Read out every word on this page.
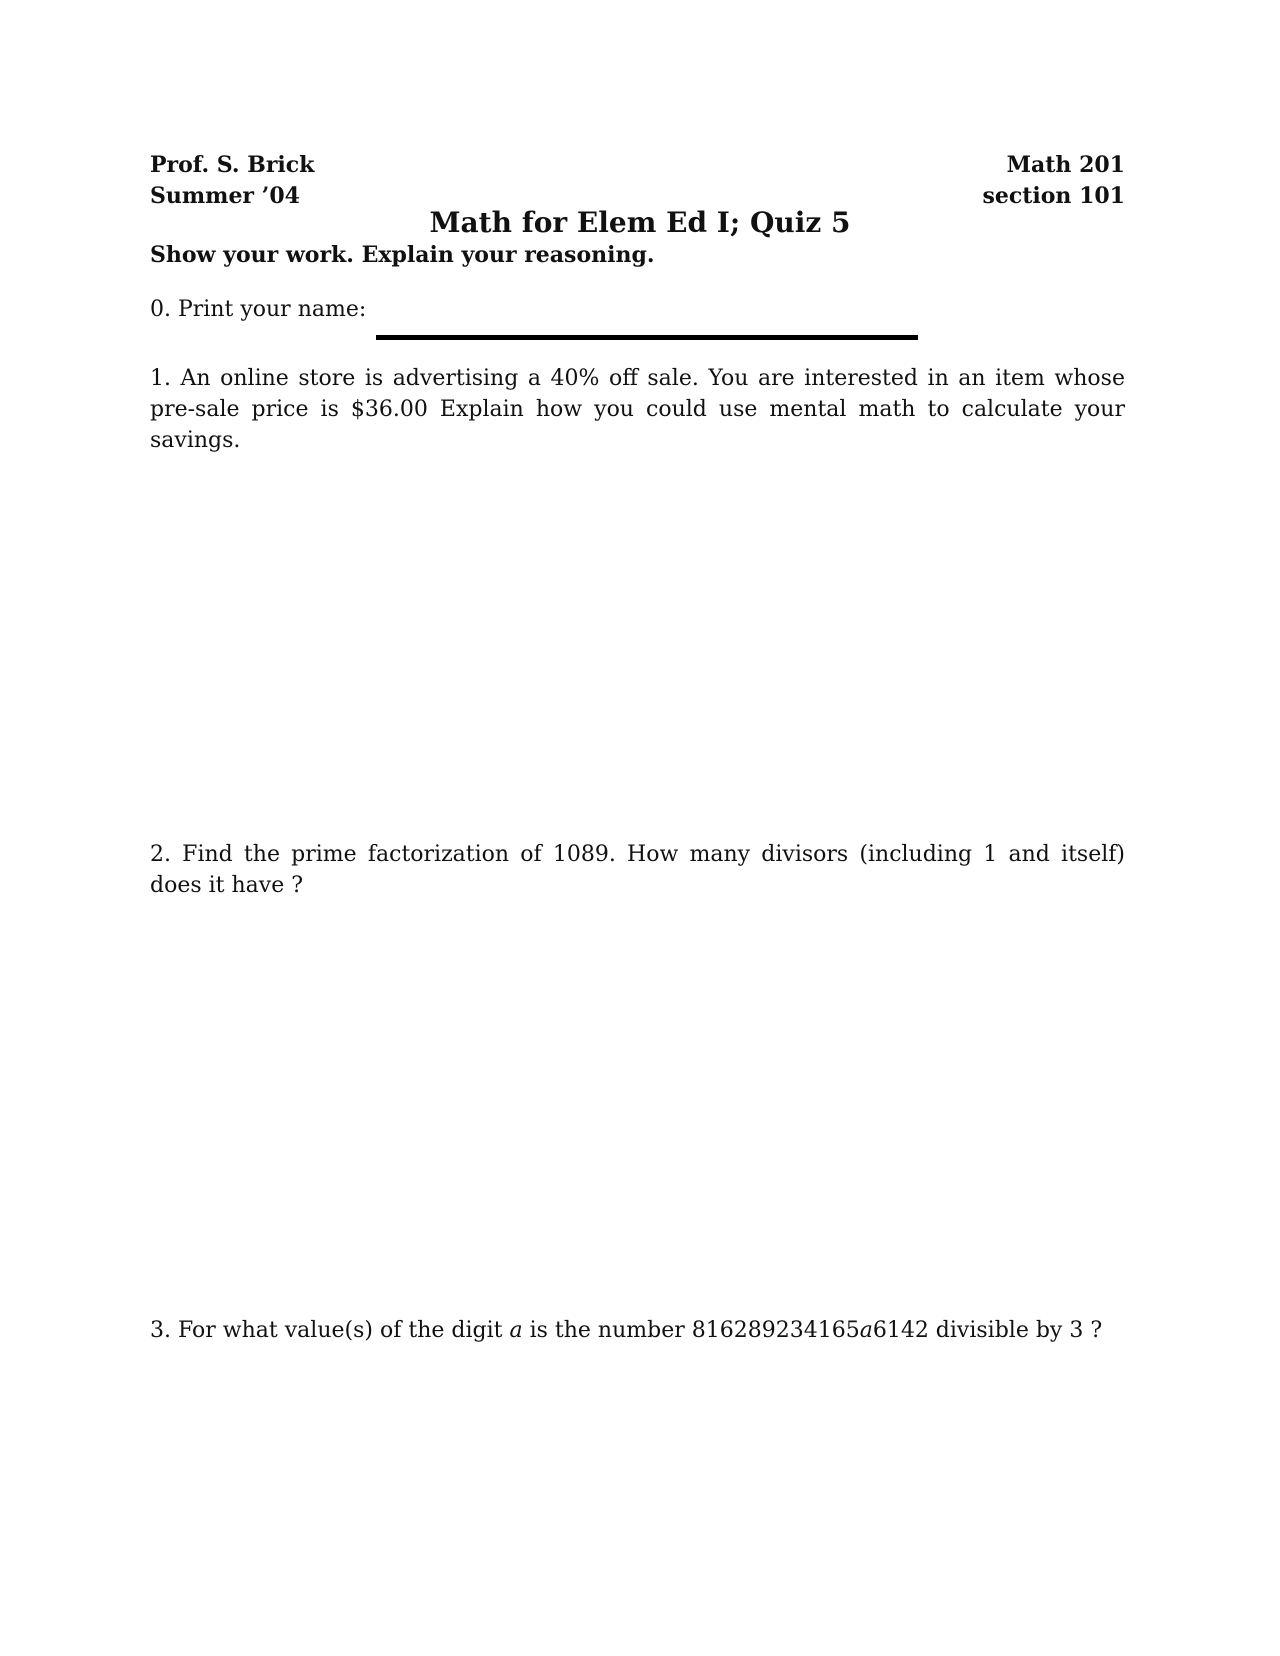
Prof. S. Brick
Summer ’04
Math 201
section 101
Math for Elem Ed I; Quiz 5
Show your work. Explain your reasoning.
0. Print your name:
1. An online store is advertising a 40% off sale. You are interested in an item whose pre-sale price is $36.00 Explain how you could use mental math to calculate your savings.
2. Find the prime factorization of 1089. How many divisors (including 1 and itself) does it have ?
3. For what value(s) of the digit a is the number 816289234165a6142 divisible by 3 ?
